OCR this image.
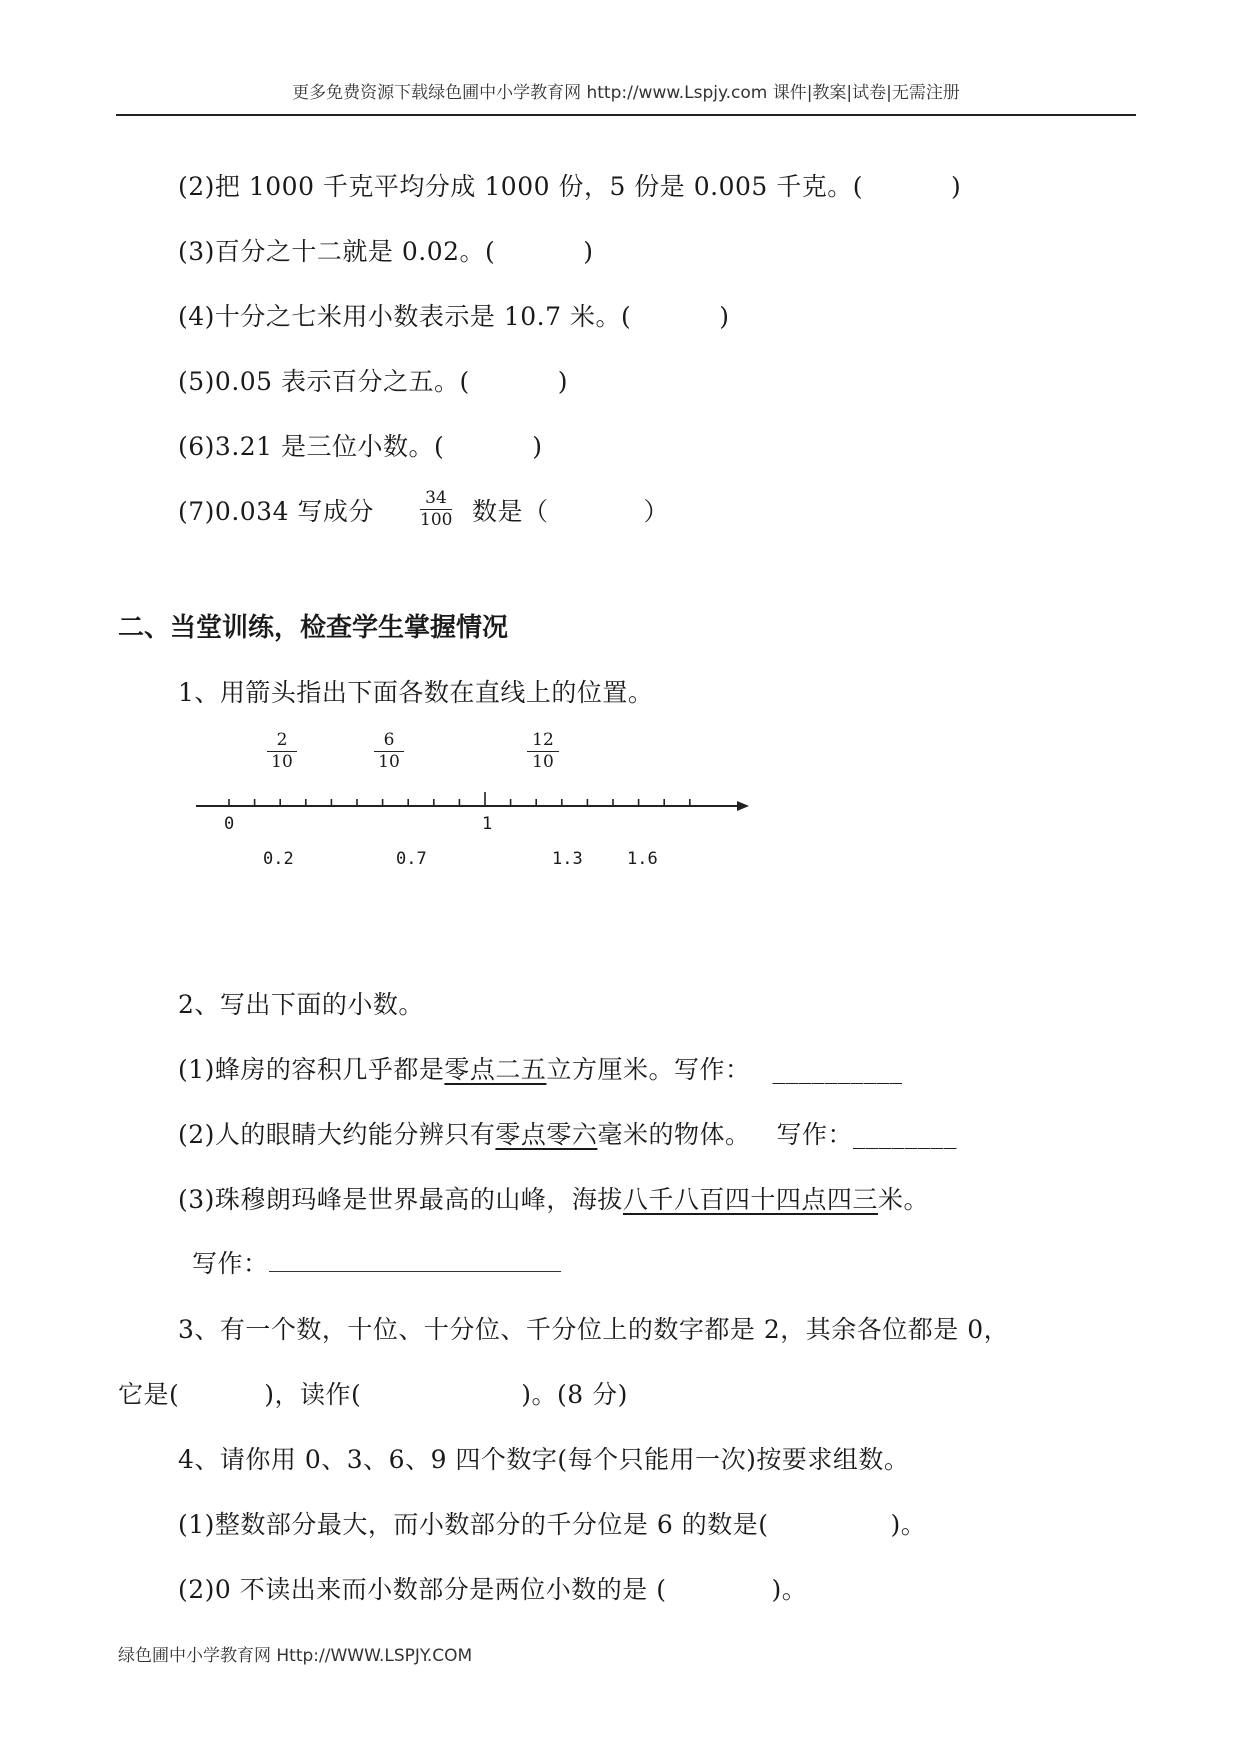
更多免费资源下载绿色圃中小学教育网 http://www.Lspjy.com 课件|教案|试卷|无需注册
(2)把 1000 千克平均分成 1000 份，5 份是 0.005 千克。(	)
(3)百分之十二就是 0.02。(	)
(4)十分之七米用小数表示是 10.7 米。(	)
(5)0.05 表示百分之五。(	)
(6)3.21 是三位小数。(	)
(7)0.034 写成分	34
100 数是（	）
二、当堂训练，检查学生掌握情况
1、用箭头指出下面各数在直线上的位置。
2
10
6
10
12
10
0	1
0.2	0.7	1.3	1.6
2、写出下面的小数。
(1)蜂房的容积几乎都是零点二五立方厘米。写作： __________
(2)人的眼睛大约能分辨只有零点零六毫米的物体。 写作：________
(3)珠穆朗玛峰是世界最高的山峰，海拔八千八百四十四点四三米。
写作：
3、有一个数，十位、十分位、千分位上的数字都是 2，其余各位都是 0，
它是(	)，读作(	)。(8 分)
4、请你用 0、3、6、9 四个数字(每个只能用一次)按要求组数。
(1)整数部分最大，而小数部分的千分位是 6 的数是(	)。
(2)0 不读出来而小数部分是两位小数的是 (	)。
绿色圃中小学教育网 Http://WWW.LSPJY.COM
